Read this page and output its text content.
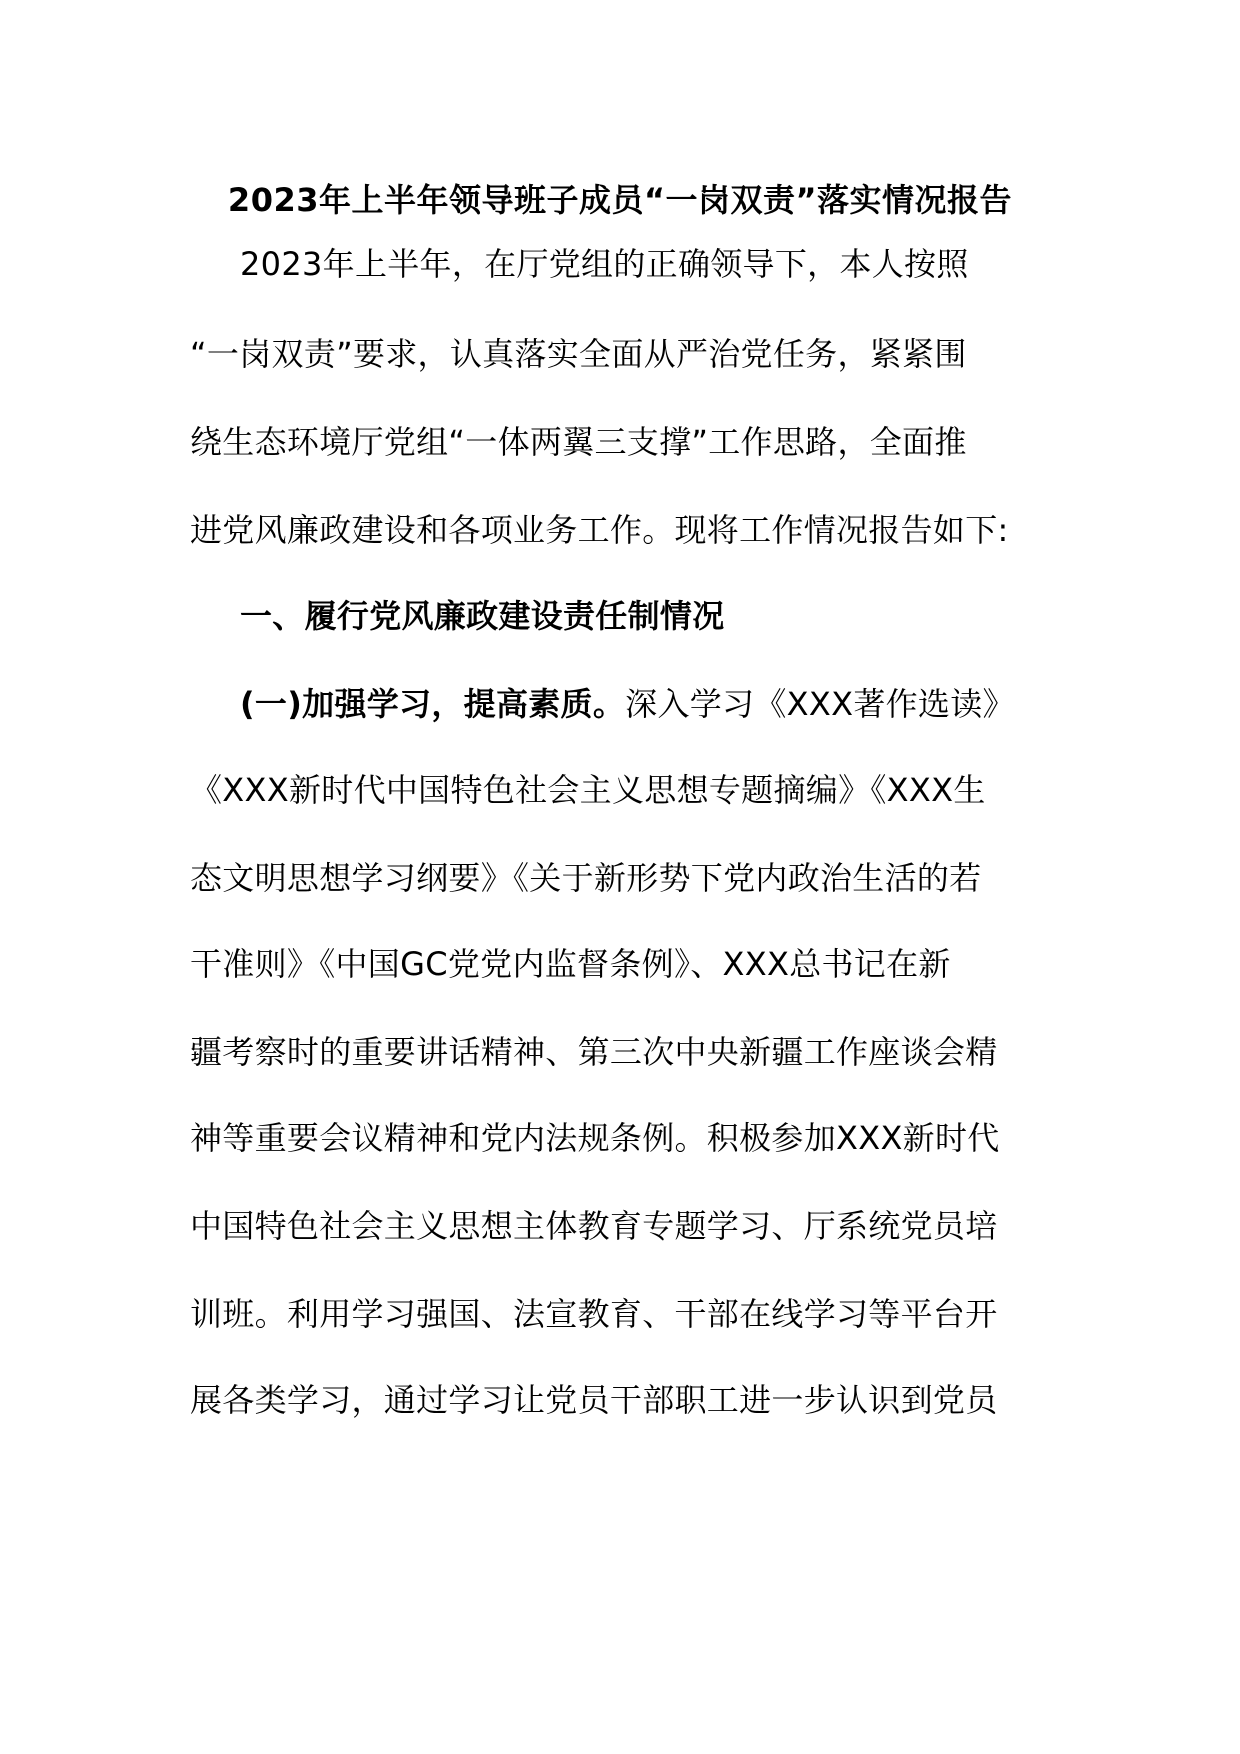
2023年上半年领导班子成员“一岗双责”落实情况报告
2023年上半年，在厅党组的正确领导下，本人按照
“一岗双责”要求，认真落实全面从严治党任务，紧紧围
绕生态环境厅党组“一体两翼三支撑”工作思路，全面推
进党风廉政建设和各项业务工作。现将工作情况报告如下:
一、履行党风廉政建设责任制情况
(一)加强学习，提高素质。深入学习《XXX著作选读》
《XXX新时代中国特色社会主义思想专题摘编》《XXX生
态文明思想学习纲要》《关于新形势下党内政治生活的若
干准则》《中国GC党党内监督条例》、XXX总书记在新
疆考察时的重要讲话精神、第三次中央新疆工作座谈会精
神等重要会议精神和党内法规条例。积极参加XXX新时代
中国特色社会主义思想主体教育专题学习、厅系统党员培
训班。利用学习强国、法宣教育、干部在线学习等平台开
展各类学习，通过学习让党员干部职工进一步认识到党员
